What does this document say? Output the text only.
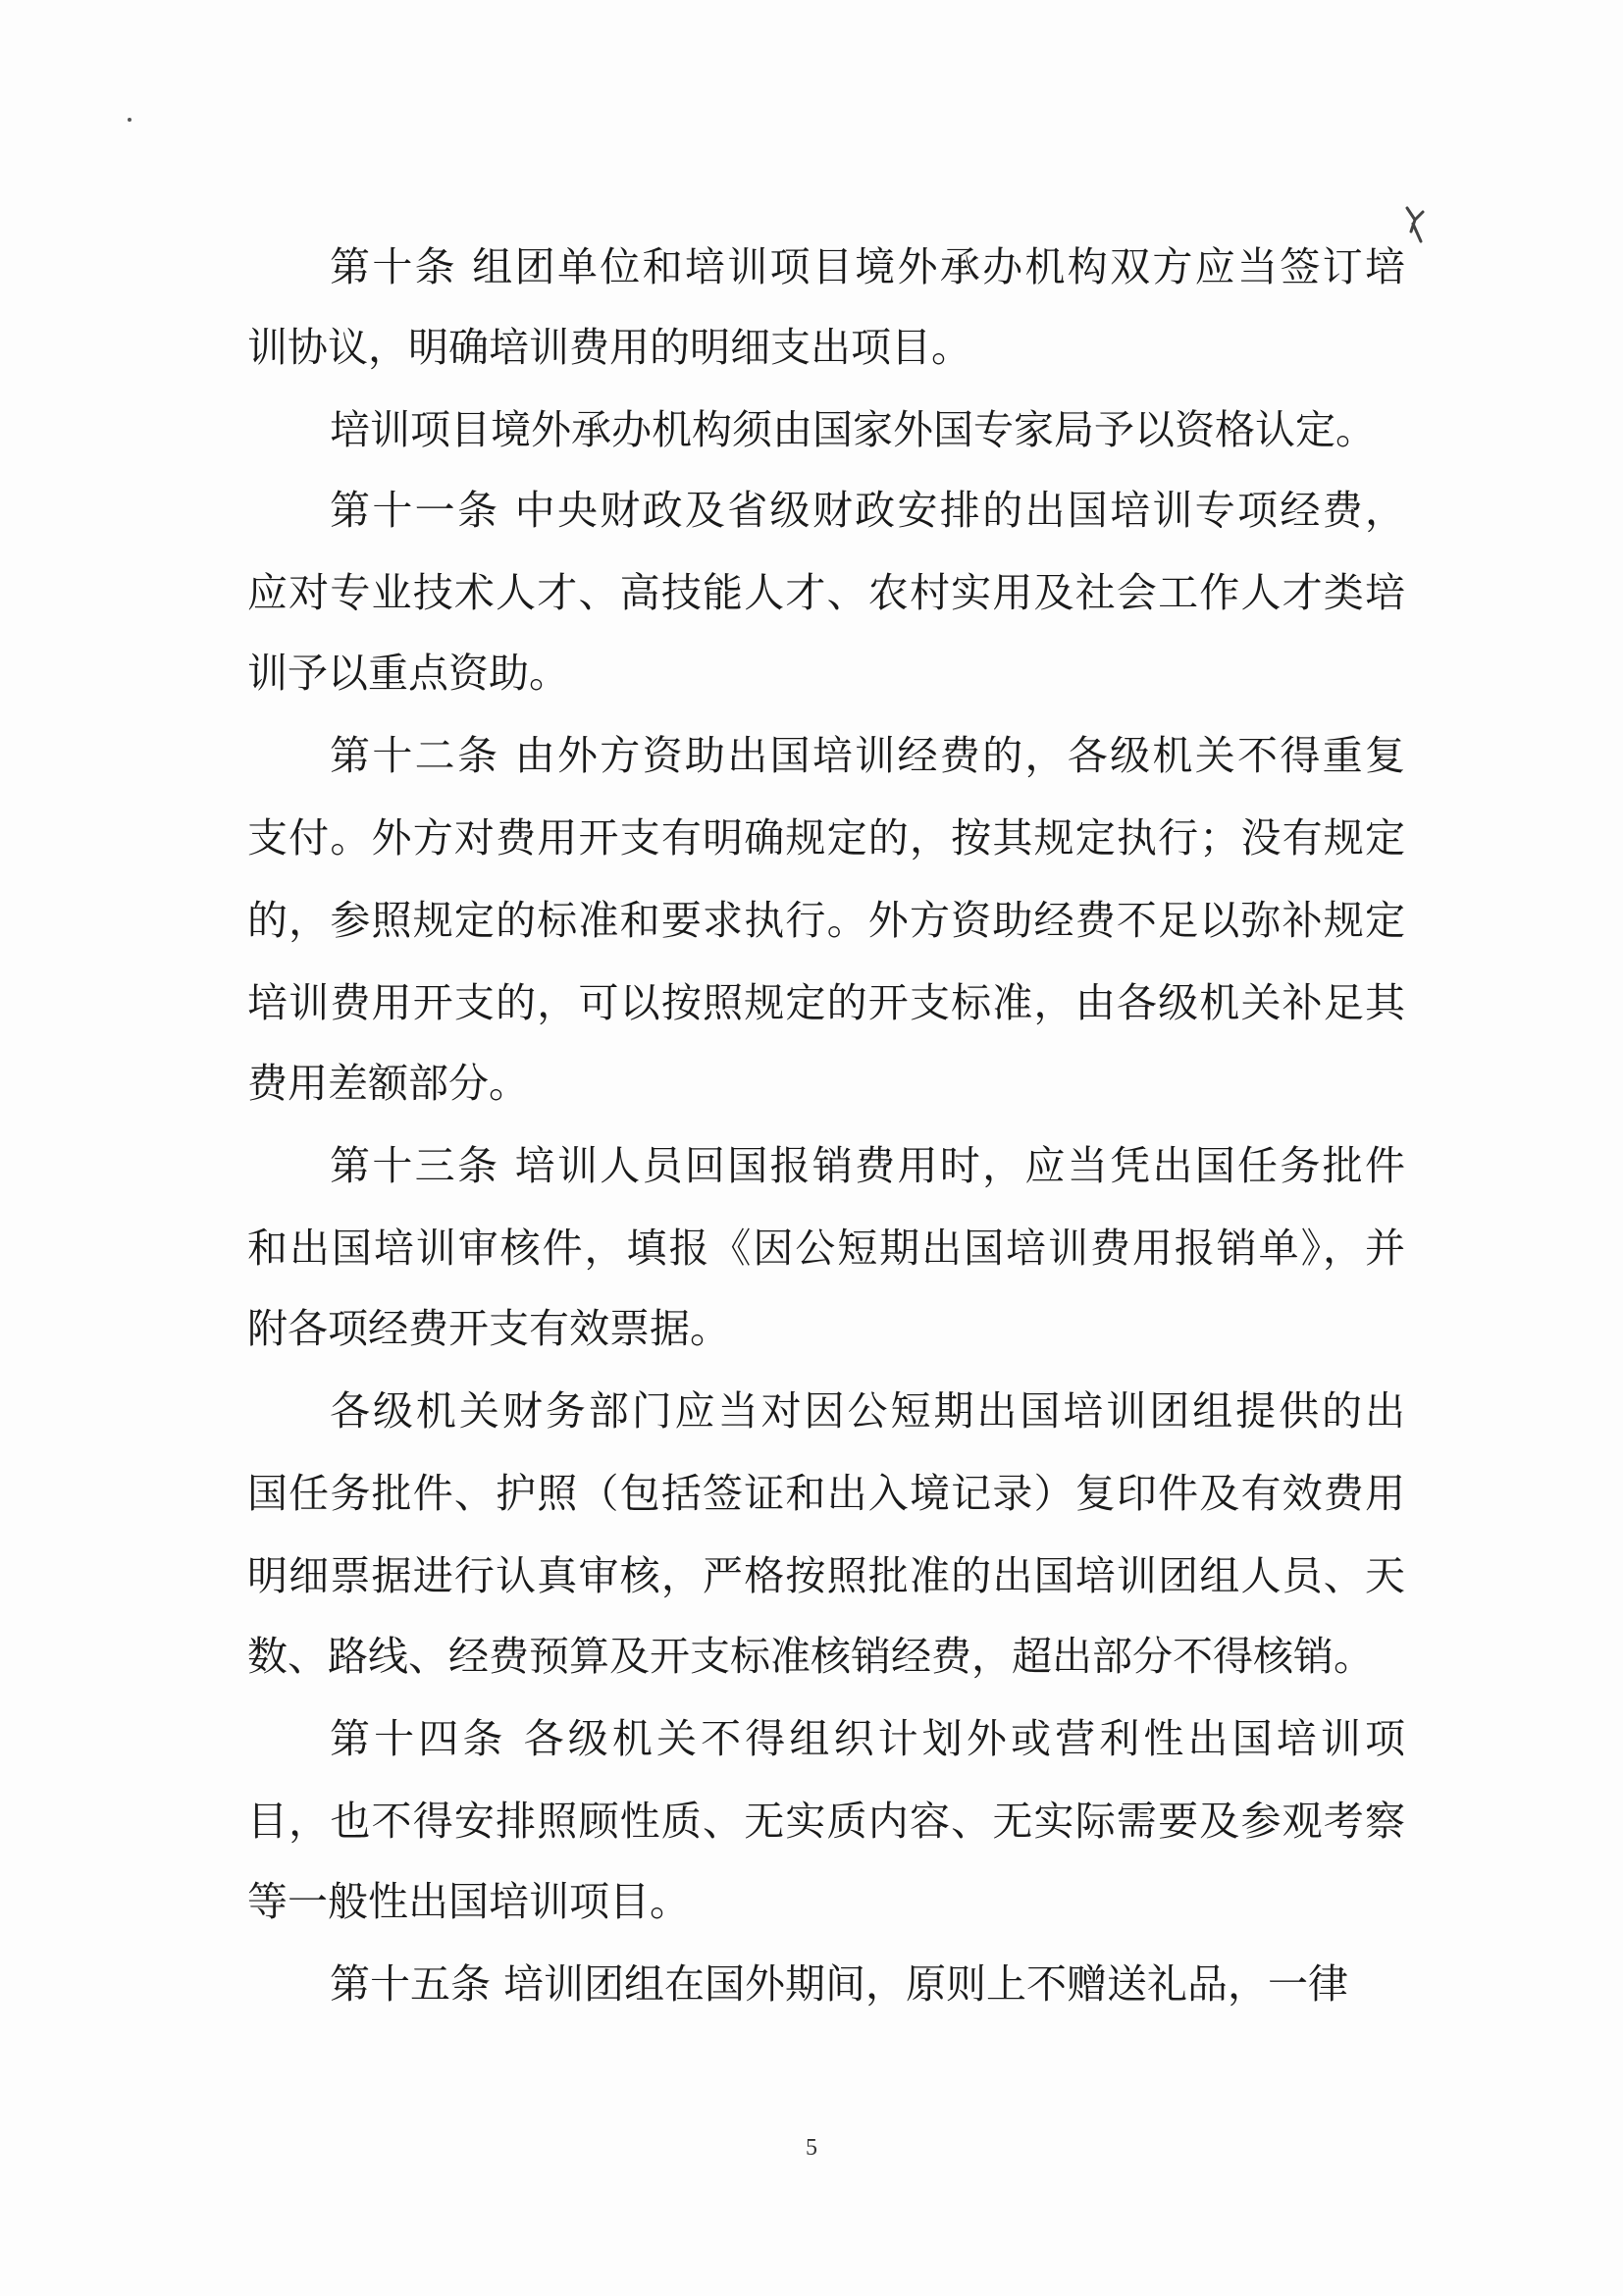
第十条 组团单位和培训项目境外承办机构双方应当签订培
训协议，明确培训费用的明细支出项目。
培训项目境外承办机构须由国家外国专家局予以资格认定。
第十一条 中央财政及省级财政安排的出国培训专项经费，
应对专业技术人才、高技能人才、农村实用及社会工作人才类培
训予以重点资助。
第十二条 由外方资助出国培训经费的，各级机关不得重复
支付。外方对费用开支有明确规定的，按其规定执行；没有规定
的，参照规定的标准和要求执行。外方资助经费不足以弥补规定
培训费用开支的，可以按照规定的开支标准，由各级机关补足其
费用差额部分。
第十三条 培训人员回国报销费用时，应当凭出国任务批件
和出国培训审核件，填报《因公短期出国培训费用报销单》，并
附各项经费开支有效票据。
各级机关财务部门应当对因公短期出国培训团组提供的出
国任务批件、护照（包括签证和出入境记录）复印件及有效费用
明细票据进行认真审核，严格按照批准的出国培训团组人员、天
数、路线、经费预算及开支标准核销经费，超出部分不得核销。
第十四条 各级机关不得组织计划外或营利性出国培训项
目，也不得安排照顾性质、无实质内容、无实际需要及参观考察
等一般性出国培训项目。
第十五条 培训团组在国外期间，原则上不赠送礼品，一律
5
